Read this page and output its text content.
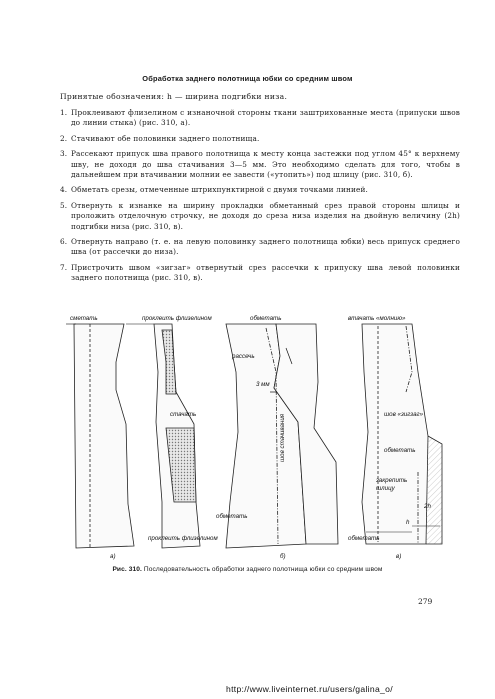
Обработка заднего полотнища юбки со средним швом
Принятые обозначения: h — ширина подгибки низа.
1. Проклеивают флизелином с изнаночной стороны ткани заштрихованные места (припуски швов до линии стыка) (рис. 310, а).
2. Стачивают обе половинки заднего полотнища.
3. Рассекают припуск шва правого полотнища к месту конца застежки под углом 45° к верхнему шву, не доходя до шва стачивания 3—5 мм. Это необходимо сделать для того, чтобы в дальнейшем при втачивании молнии ее завести («утопить») под шлицу (рис. 310, б).
4. Обметать срезы, отмеченные штрихпунктирной с двумя точками линией.
5. Отвернуть к изнанке на ширину прокладки обметанный срез правой стороны шлицы и проложить отделочную строчку, не доходя до среза низа изделия на двойную величину (2h) подгибки низа (рис. 310, в).
6. Отвернуть направо (т. е. на левую половинку заднего полотнища юбки) весь припуск среднего шва (от рассечки до низа).
7. Пристрочить швом «зигзаг» отвернутый срез рассечки к припуску шва левой половинки заднего полотнища (рис. 310, в).
сметать	проклеить флизелином	обметать	втачать «молнию»
рассечь
3 мм
стачать	шов стачивания	шов «зигзаг»
обметать
закрепить
шлицу
h
2h
обметать
проклеить флизелином	обметать
а)	б)	в)
Рис. 310. Последовательность обработки заднего полотнища юбки со средним швом
279
http://www.liveinternet.ru/users/galina_o/
